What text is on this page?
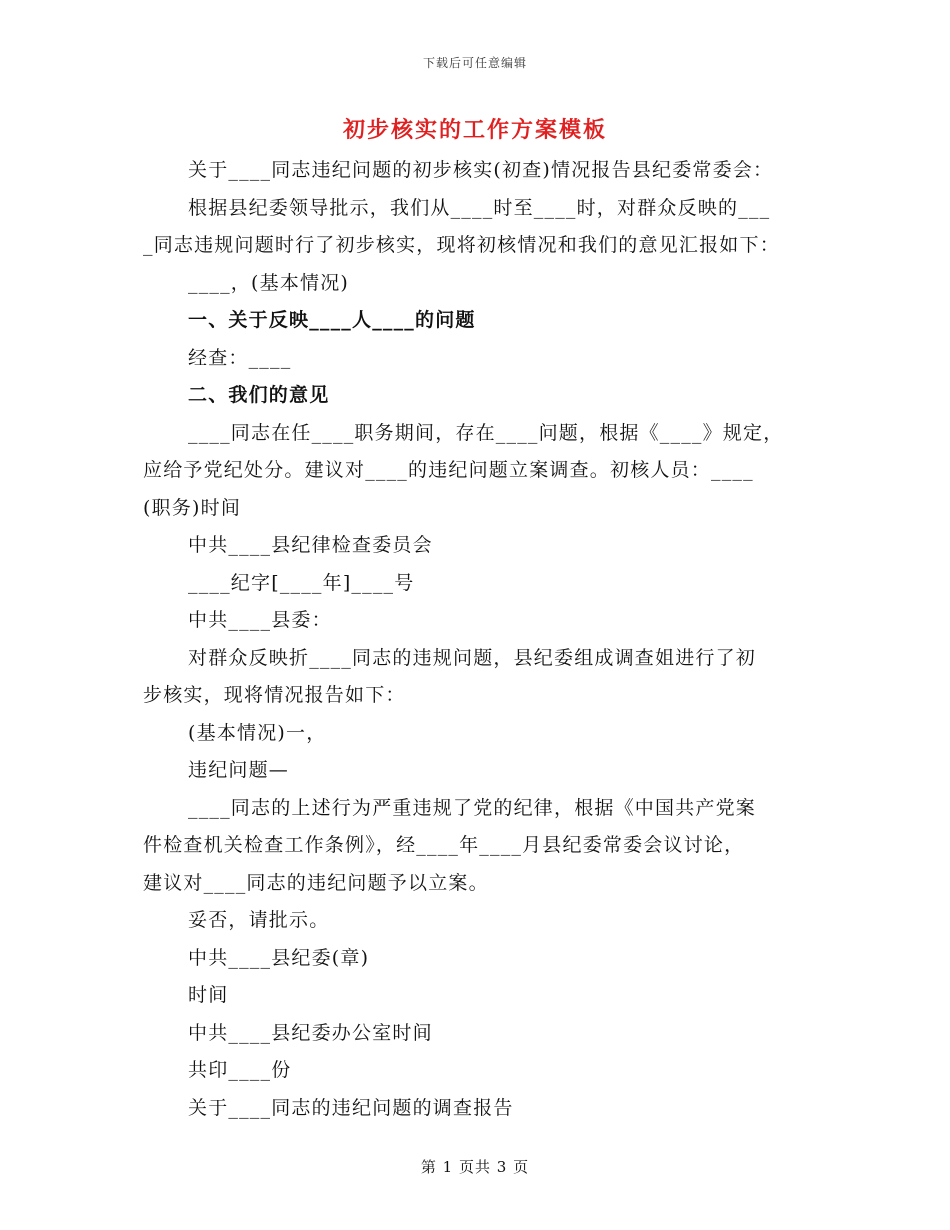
下载后可任意编辑
初步核实的工作方案模板
关于____同志违纪问题的初步核实(初查)情况报告县纪委常委会：
根据县纪委领导批示，我们从____时至____时，对群众反映的___
_同志违规问题时行了初步核实，现将初核情况和我们的意见汇报如下：
____，(基本情况)
一、关于反映____人____的问题
经查：____
二、我们的意见
____同志在任____职务期间，存在____问题，根据《____》规定，
应给予党纪处分。建议对____的违纪问题立案调查。初核人员：____
(职务)时间
中共____县纪律检查委员会
____纪字[____年]____号
中共____县委：
对群众反映折____同志的违规问题，县纪委组成调查姐进行了初
步核实，现将情况报告如下：
(基本情况)一，
违纪问题—
____同志的上述行为严重违规了党的纪律，根据《中国共产党案
件检查机关检查工作条例》，经____年____月县纪委常委会议讨论，
建议对____同志的违纪问题予以立案。
妥否，请批示。
中共____县纪委(章)
时间
中共____县纪委办公室时间
共印____份
关于____同志的违纪问题的调查报告
第 1 页共 3 页
